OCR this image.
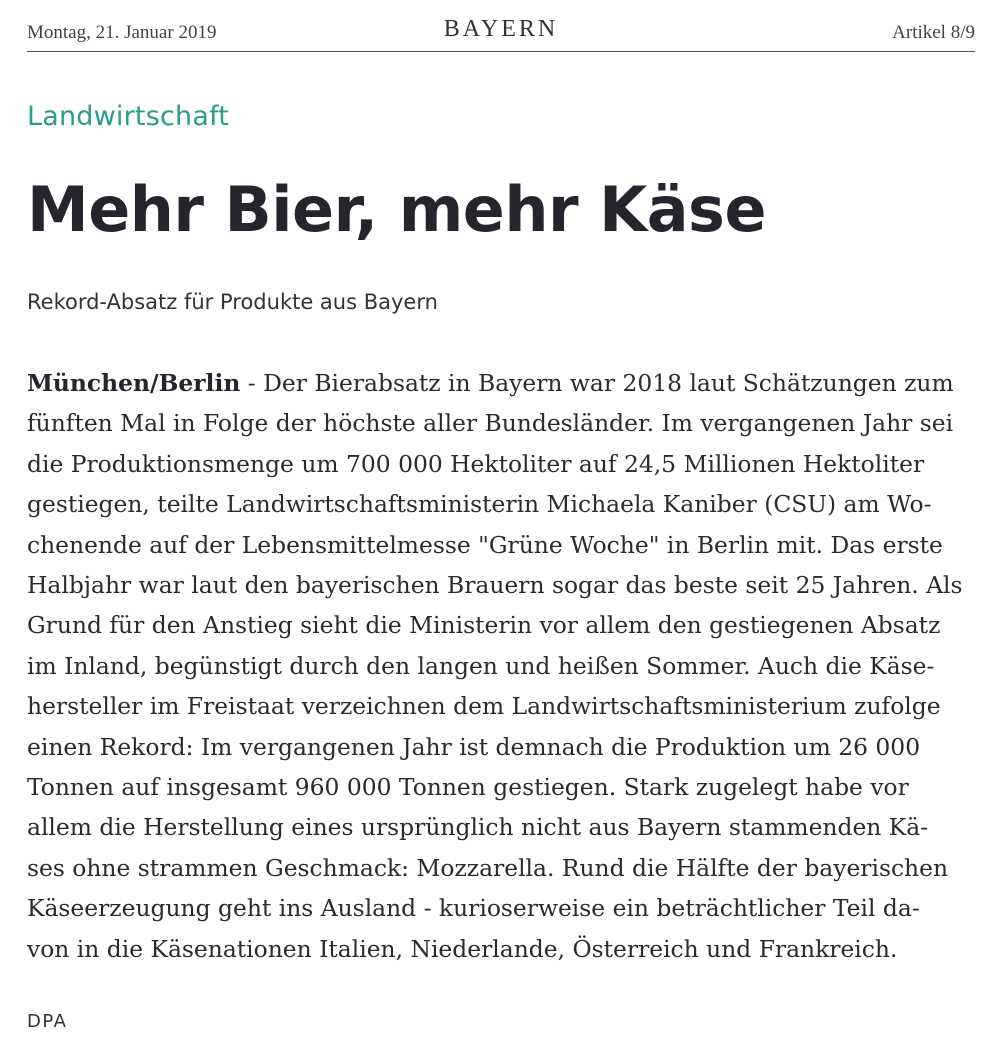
Montag, 21. Januar 2019	BAYERN	Artikel 8/9
Landwirtschaft
Mehr Bier, mehr Käse
Rekord-Absatz für Produkte aus Bayern

München/Berlin - Der Bierabsatz in Bayern war 2018 laut Schätzungen zum
fünften Mal in Folge der höchste aller Bundesländer. Im vergangenen Jahr sei
die Produktionsmenge um 700 000 Hektoliter auf 24,5 Millionen Hektoliter
gestiegen, teilte Landwirtschaftsministerin Michaela Kaniber (CSU) am Wo-
chenende auf der Lebensmittelmesse "Grüne Woche" in Berlin mit. Das erste
Halbjahr war laut den bayerischen Brauern sogar das beste seit 25 Jahren. Als
Grund für den Anstieg sieht die Ministerin vor allem den gestiegenen Absatz
im Inland, begünstigt durch den langen und heißen Sommer. Auch die Käse-
hersteller im Freistaat verzeichnen dem Landwirtschaftsministerium zufolge
einen Rekord: Im vergangenen Jahr ist demnach die Produktion um 26 000
Tonnen auf insgesamt 960 000 Tonnen gestiegen. Stark zugelegt habe vor
allem die Herstellung eines ursprünglich nicht aus Bayern stammenden Kä-
ses ohne strammen Geschmack: Mozzarella. Rund die Hälfte der bayerischen
Käseerzeugung geht ins Ausland - kurioserweise ein beträchtlicher Teil da-
von in die Käsenationen Italien, Niederlande, Österreich und Frankreich.

DPA
